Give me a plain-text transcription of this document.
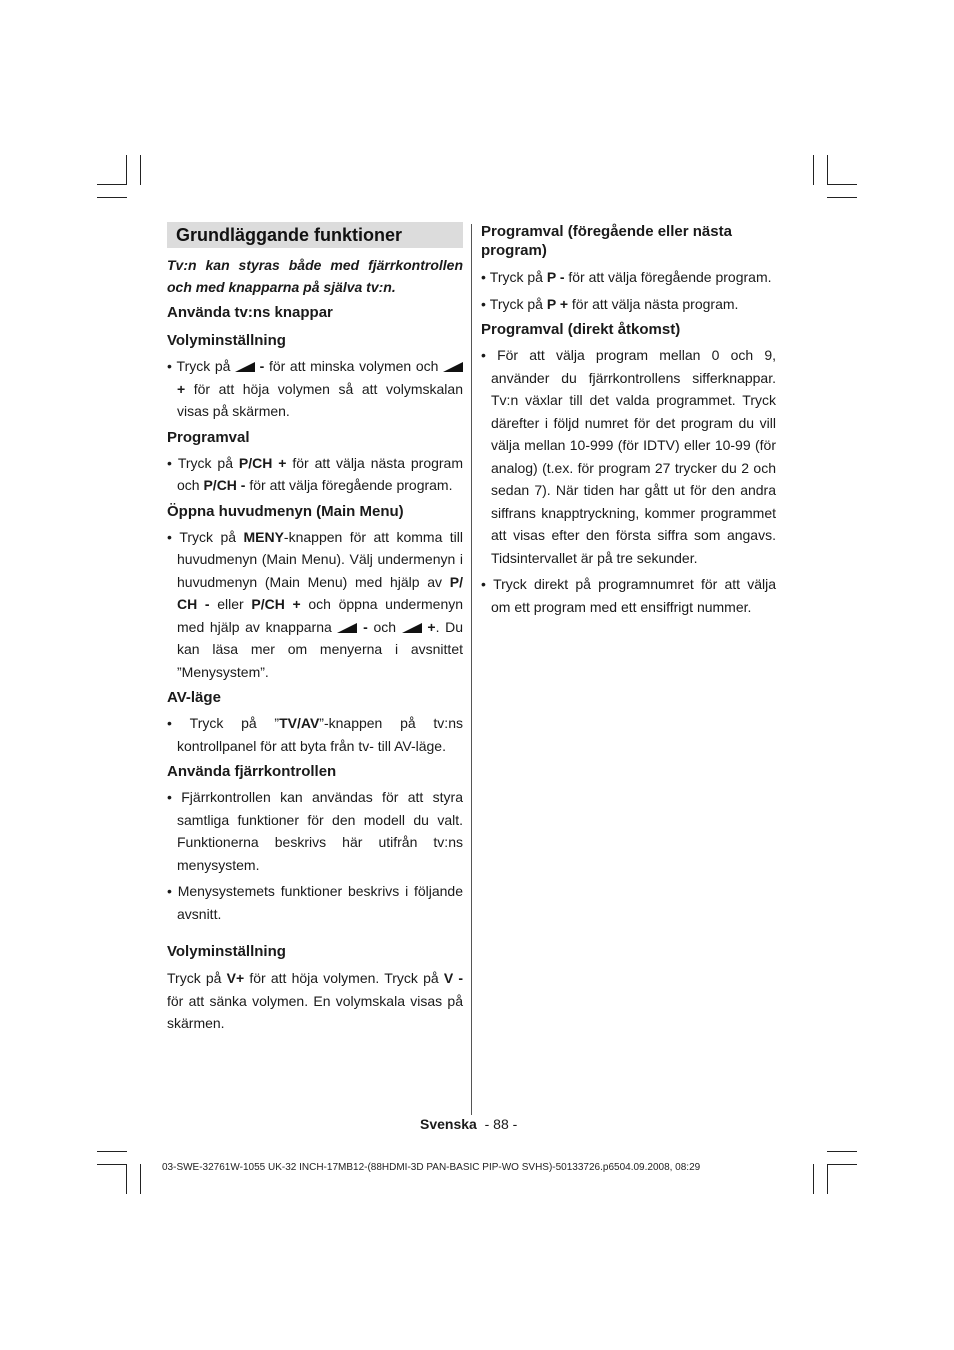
Grundläggande funktioner

Tv:n kan styras både med fjärrkontrollen och med knapparna på själva tv:n.

Använda tv:ns knappar

Volyminställning

• Tryck på - för att minska volymen och
+ för att höja volymen så att volymskalan visas på skärmen.

Programval

• Tryck på P/CH + för att välja nästa program och P/CH - för att välja föregående program.

Öppna huvudmenyn (Main Menu)

• Tryck på MENY-knappen för att komma till huvudmenyn (Main Menu). Välj undermenyn i huvudmenyn (Main Menu) med hjälp av P/ CH - eller P/CH + och öppna undermenyn med hjälp av knapparna - och +. Du kan läsa mer om menyerna i avsnittet ”Menysystem”.

AV-läge

• Tryck på ”TV/AV”-knappen på tv:ns kontrollpanel för att byta från tv- till AV-läge.

Använda fjärrkontrollen

• Fjärrkontrollen kan användas för att styra samtliga funktioner för den modell du valt. Funktionerna beskrivs här utifrån tv:ns menysystem.

• Menysystemets funktioner beskrivs i följande avsnitt.

Volyminställning

Tryck på V+ för att höja volymen. Tryck på V - för att sänka volymen. En volymskala visas på skärmen.

Programval (föregående eller nästa program)

• Tryck på P - för att välja föregående program.

• Tryck på P + för att välja nästa program.

Programval (direkt åtkomst)

• För att välja program mellan 0 och 9, använder du fjärrkontrollens sifferknappar. Tv:n växlar till det valda programmet. Tryck därefter i följd numret för det program du vill välja mellan 10-999 (för IDTV) eller 10-99 (för analog) (t.ex. för program 27 trycker du 2 och sedan 7). När tiden har gått ut för den andra siffrans knapptryckning, kommer programmet att visas efter den första siffra som angavs. Tidsintervallet är på tre sekunder.

• Tryck direkt på programnumret för att välja om ett program med ett ensiffrigt nummer.

Svenska - 88 -
03-SWE-32761W-1055 UK-32 INCH-17MB12-(88HDMI-3D PAN-BASIC PIP-WO SVHS)-50133726.p6504.09.2008, 08:29
